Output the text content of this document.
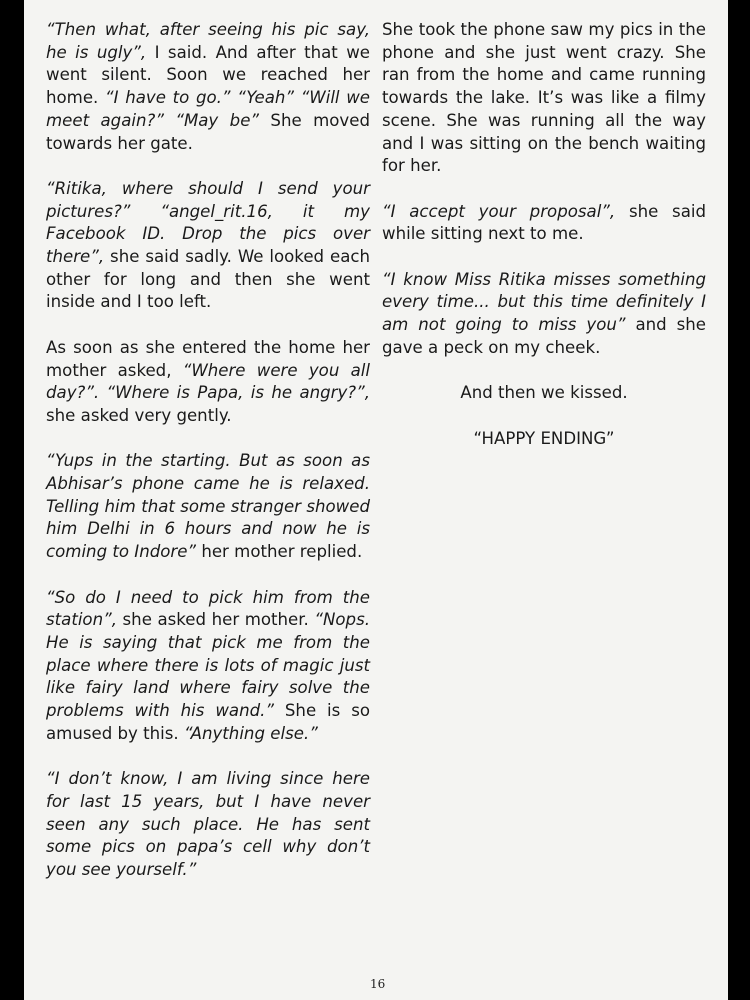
“Then what, after seeing his pic say, he is ugly”, I said. And after that we went silent. Soon we reached her home. “I have to go.” “Yeah” “Will we meet again?” “May be” She moved towards her gate.

“Ritika, where should I send your pictures?” “angel_rit.16, it my Facebook ID. Drop the pics over there”, she said sadly. We looked each other for long and then she went inside and I too left.

As soon as she entered the home her mother asked, “Where were you all day?”. “Where is Papa, is he angry?”, she asked very gently.

“Yups in the starting. But as soon as Abhisar’s phone came he is relaxed. Telling him that some stranger showed him Delhi in 6 hours and now he is coming to Indore” her mother replied.

“So do I need to pick him from the station”, she asked her mother. “Nops. He is saying that pick me from the place where there is lots of magic just like fairy land where fairy solve the problems with his wand.” She is so amused by this. “Anything else.”

“I don’t know, I am living since here for last 15 years, but I have never seen any such place. He has sent some pics on papa’s cell why don’t you see yourself.”

She took the phone saw my pics in the phone and she just went crazy. She ran from the home and came running towards the lake. It’s was like a filmy scene. She was running all the way and I was sitting on the bench waiting for her.

“I accept your proposal”, she said while sitting next to me.

“I know Miss Ritika misses something every time... but this time definitely I am not going to miss you” and she gave a peck on my cheek.

And then we kissed.

“HAPPY ENDING”

16
